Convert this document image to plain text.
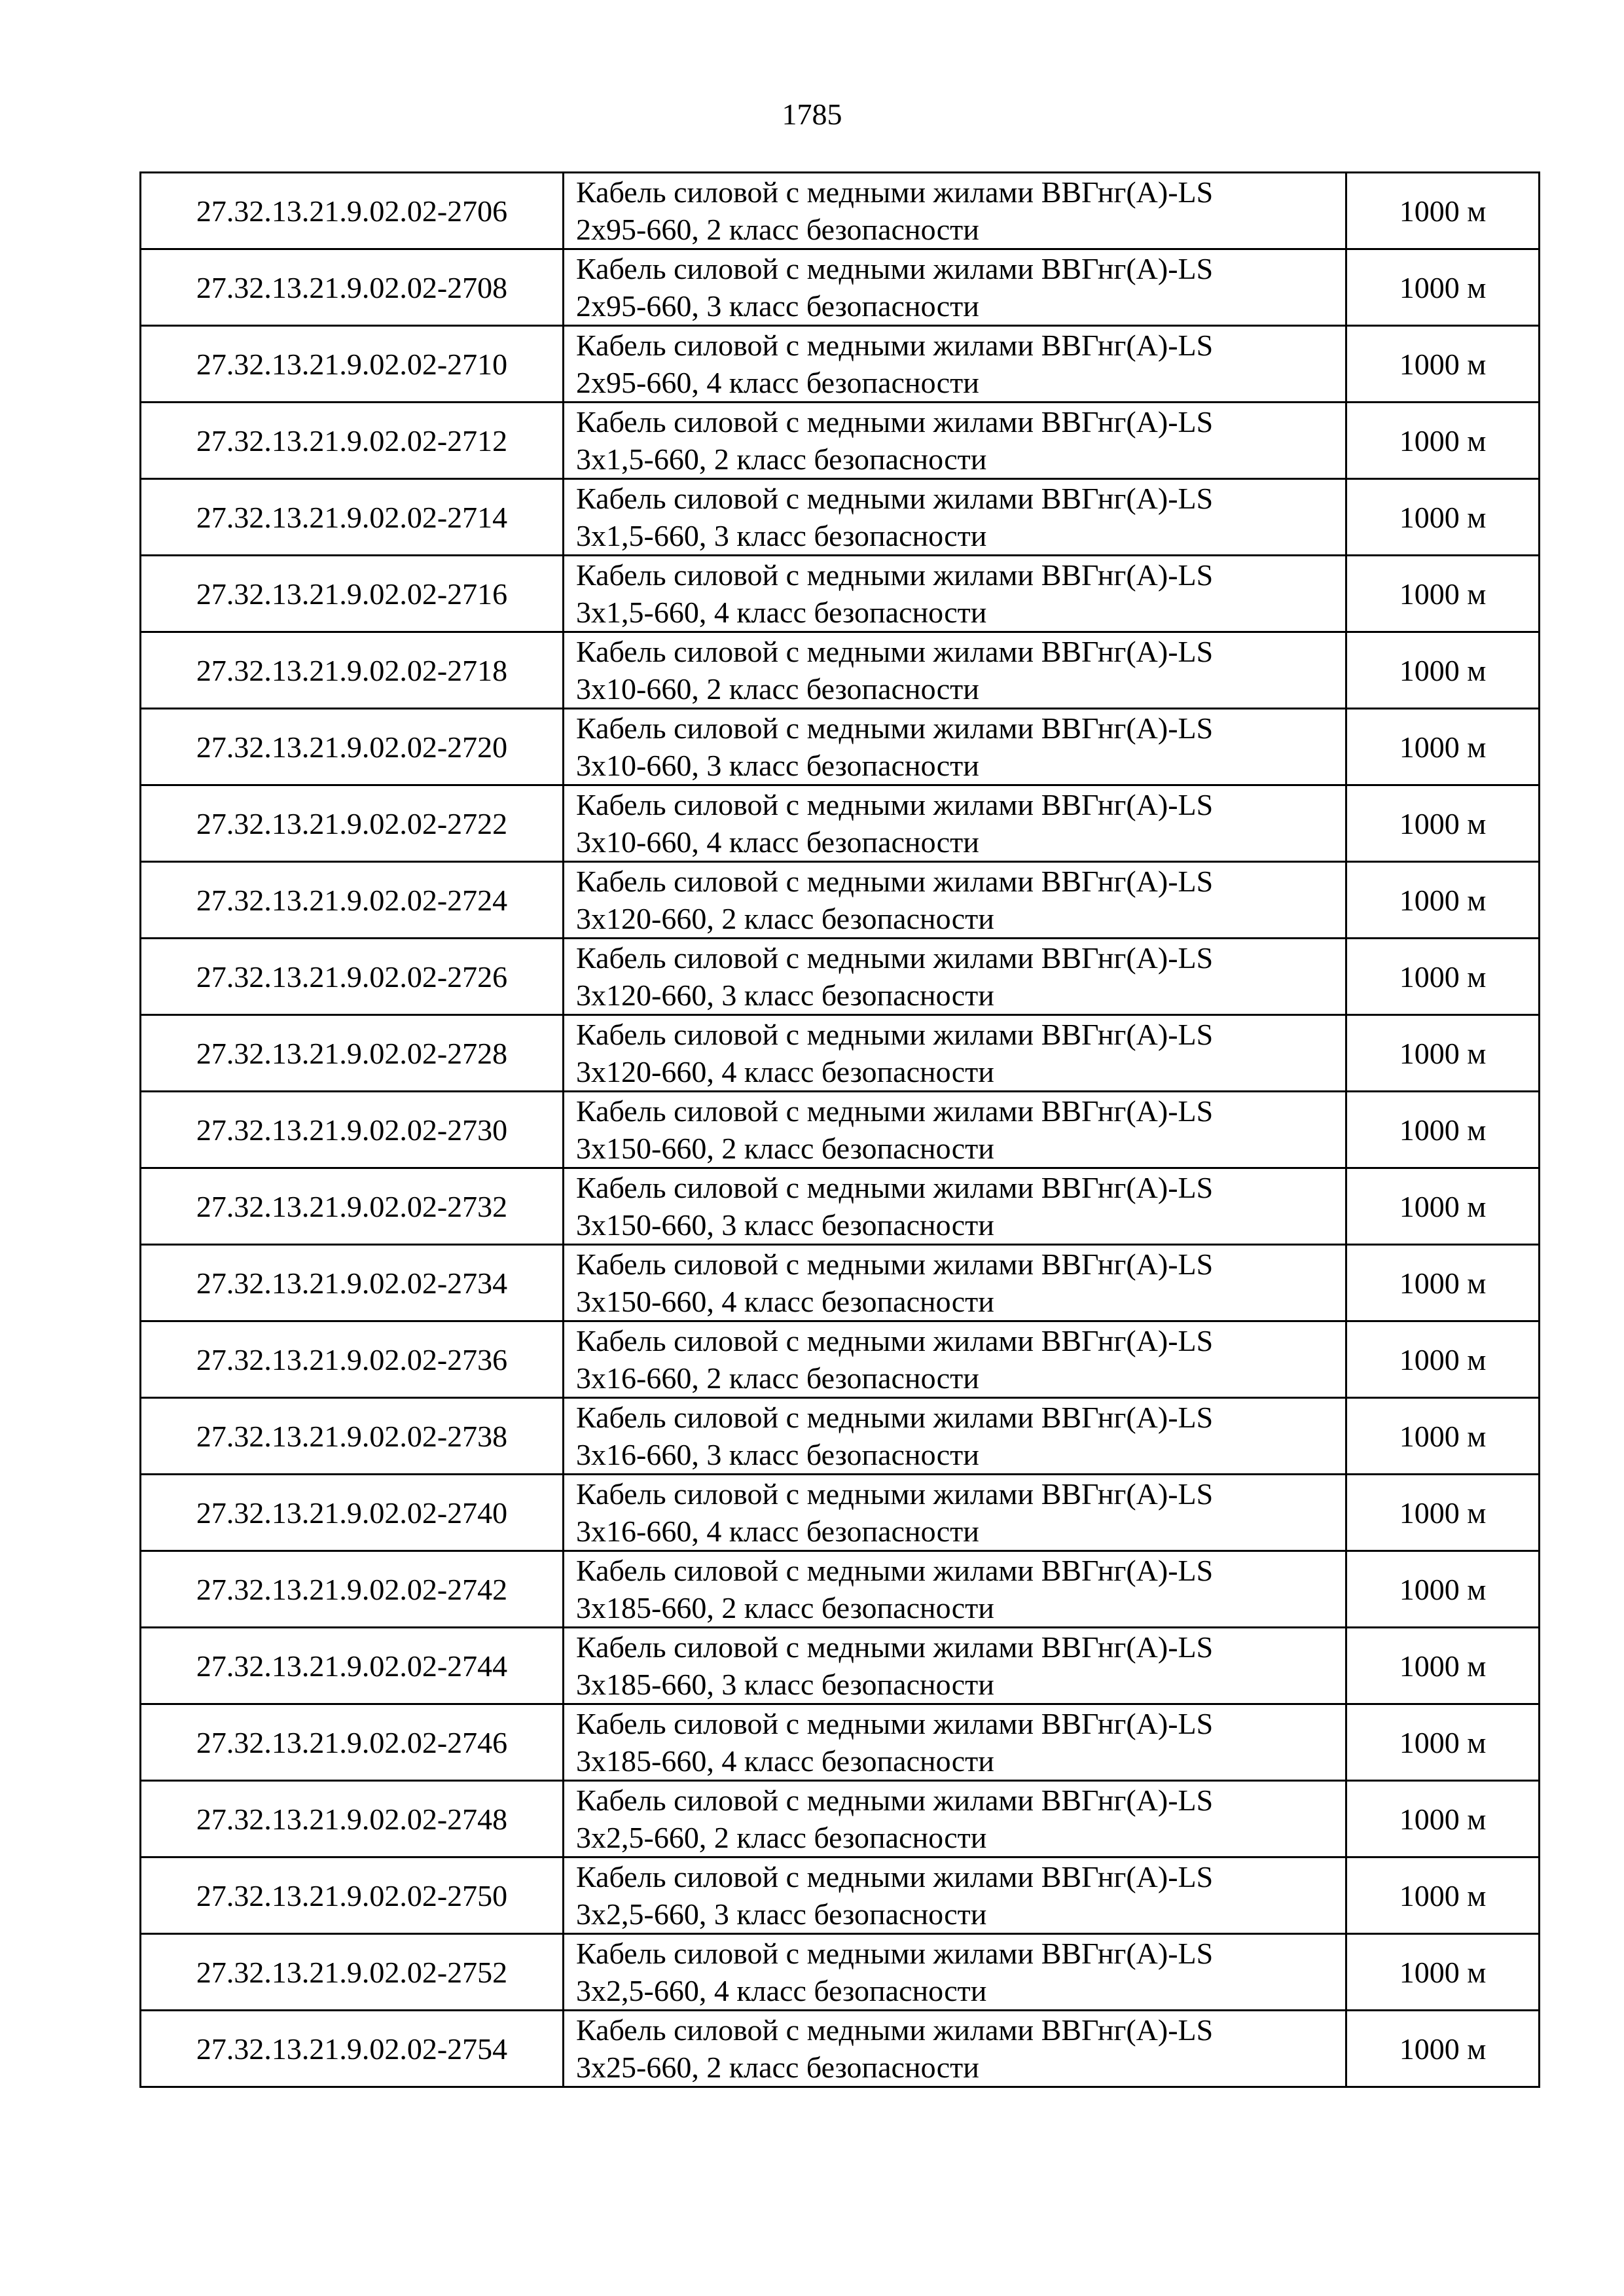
1785
27.32.13.21.9.02.02-2706	Кабель силовой с медными жилами ВВГнг(А)-LS
2х95-660, 2 класс безопасности	1000 м
27.32.13.21.9.02.02-2708	Кабель силовой с медными жилами ВВГнг(А)-LS
2х95-660, 3 класс безопасности	1000 м
27.32.13.21.9.02.02-2710	Кабель силовой с медными жилами ВВГнг(А)-LS
2х95-660, 4 класс безопасности	1000 м
27.32.13.21.9.02.02-2712	Кабель силовой с медными жилами ВВГнг(А)-LS
3х1,5-660, 2 класс безопасности	1000 м
27.32.13.21.9.02.02-2714	Кабель силовой с медными жилами ВВГнг(А)-LS
3х1,5-660, 3 класс безопасности	1000 м
27.32.13.21.9.02.02-2716	Кабель силовой с медными жилами ВВГнг(А)-LS
3х1,5-660, 4 класс безопасности	1000 м
27.32.13.21.9.02.02-2718	Кабель силовой с медными жилами ВВГнг(А)-LS
3х10-660, 2 класс безопасности	1000 м
27.32.13.21.9.02.02-2720	Кабель силовой с медными жилами ВВГнг(А)-LS
3х10-660, 3 класс безопасности	1000 м
27.32.13.21.9.02.02-2722	Кабель силовой с медными жилами ВВГнг(А)-LS
3х10-660, 4 класс безопасности	1000 м
27.32.13.21.9.02.02-2724	Кабель силовой с медными жилами ВВГнг(А)-LS
3х120-660, 2 класс безопасности	1000 м
27.32.13.21.9.02.02-2726	Кабель силовой с медными жилами ВВГнг(А)-LS
3х120-660, 3 класс безопасности	1000 м
27.32.13.21.9.02.02-2728	Кабель силовой с медными жилами ВВГнг(А)-LS
3х120-660, 4 класс безопасности	1000 м
27.32.13.21.9.02.02-2730	Кабель силовой с медными жилами ВВГнг(А)-LS
3х150-660, 2 класс безопасности	1000 м
27.32.13.21.9.02.02-2732	Кабель силовой с медными жилами ВВГнг(А)-LS
3х150-660, 3 класс безопасности	1000 м
27.32.13.21.9.02.02-2734	Кабель силовой с медными жилами ВВГнг(А)-LS
3х150-660, 4 класс безопасности	1000 м
27.32.13.21.9.02.02-2736	Кабель силовой с медными жилами ВВГнг(А)-LS
3х16-660, 2 класс безопасности	1000 м
27.32.13.21.9.02.02-2738	Кабель силовой с медными жилами ВВГнг(А)-LS
3х16-660, 3 класс безопасности	1000 м
27.32.13.21.9.02.02-2740	Кабель силовой с медными жилами ВВГнг(А)-LS
3х16-660, 4 класс безопасности	1000 м
27.32.13.21.9.02.02-2742	Кабель силовой с медными жилами ВВГнг(А)-LS
3х185-660, 2 класс безопасности	1000 м
27.32.13.21.9.02.02-2744	Кабель силовой с медными жилами ВВГнг(А)-LS
3х185-660, 3 класс безопасности	1000 м
27.32.13.21.9.02.02-2746	Кабель силовой с медными жилами ВВГнг(А)-LS
3х185-660, 4 класс безопасности	1000 м
27.32.13.21.9.02.02-2748	Кабель силовой с медными жилами ВВГнг(А)-LS
3х2,5-660, 2 класс безопасности	1000 м
27.32.13.21.9.02.02-2750	Кабель силовой с медными жилами ВВГнг(А)-LS
3х2,5-660, 3 класс безопасности	1000 м
27.32.13.21.9.02.02-2752	Кабель силовой с медными жилами ВВГнг(А)-LS
3х2,5-660, 4 класс безопасности	1000 м
27.32.13.21.9.02.02-2754	Кабель силовой с медными жилами ВВГнг(А)-LS
3х25-660, 2 класс безопасности	1000 м
